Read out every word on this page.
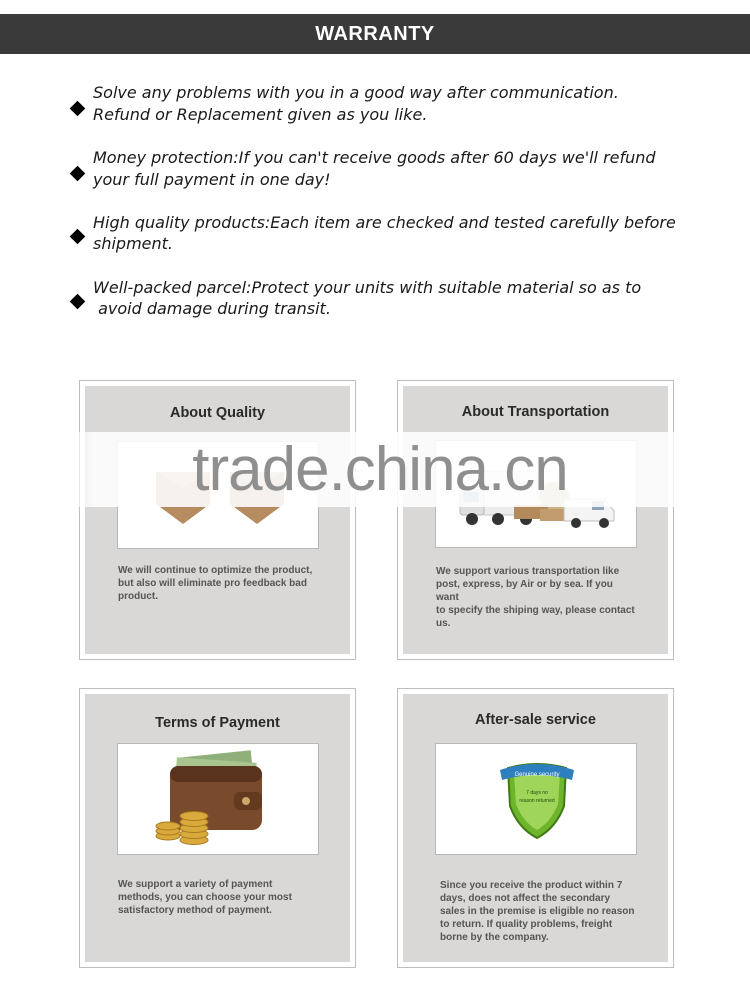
WARRANTY
Solve any problems with you in a good way after communication.
Refund or Replacement given as you like.
Money protection:If you can't receive goods after 60 days we'll refund
your full payment in one day!
High quality products:Each item are checked and tested carefully before
shipment.
Well-packed parcel:Protect your units with suitable material so as to
avoid damage during transit.
About Quality
We will continue to optimize the product,
but also will eliminate pro feedback bad
product.
About Transportation
We support various transportation like
post, express, by Air or by sea. If you want
to specify the shiping way, please contact
us.
Terms of Payment
We support a variety of payment
methods, you can choose your most
satisfactory method of payment.
After-sale service
Genuine security
7 days no
reason returned
Since you receive the product within 7
days, does not affect the secondary
sales in the premise is eligible no reason
to return. If quality problems, freight
borne by the company.
trade.china.cn
